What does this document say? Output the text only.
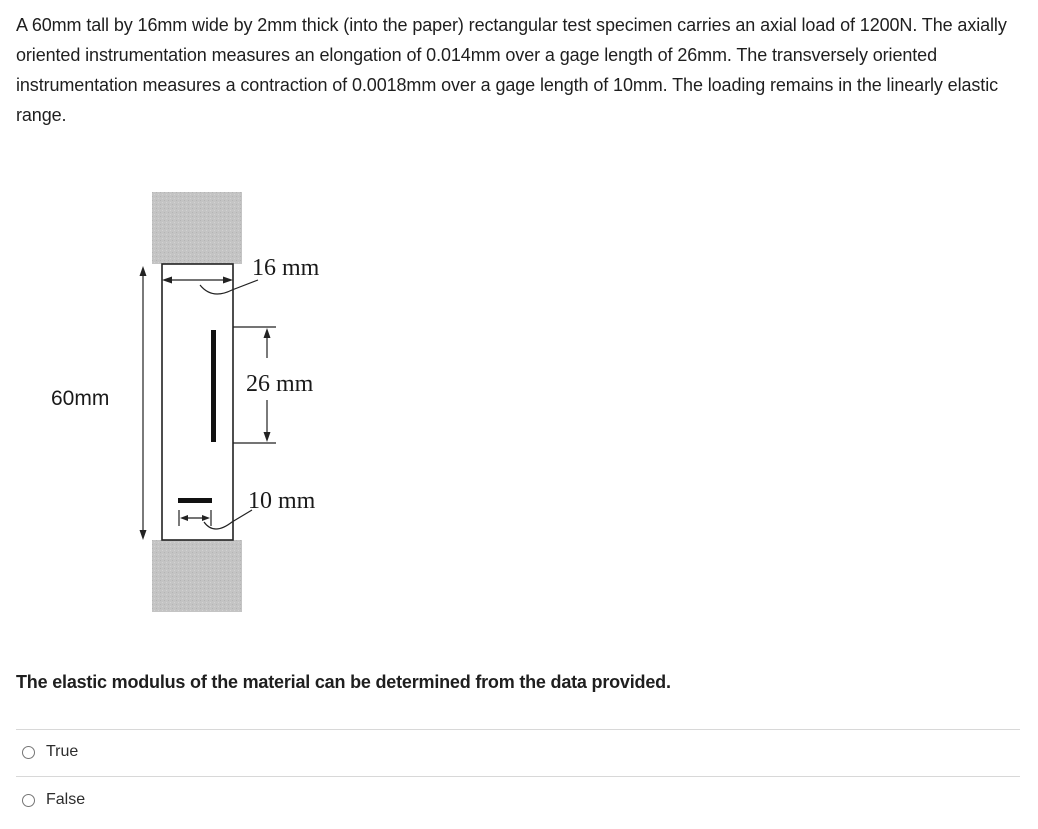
A 60mm tall by 16mm wide by 2mm thick (into the paper) rectangular test specimen carries an axial load of 1200N. The axially oriented instrumentation measures an elongation of 0.014mm over a gage length of 26mm. The transversely oriented instrumentation measures a contraction of 0.0018mm over a gage length of 10mm. The loading remains in the linearly elastic range.
16 mm
26 mm
10 mm
60mm
The elastic modulus of the material can be determined from the data provided.
True
False
